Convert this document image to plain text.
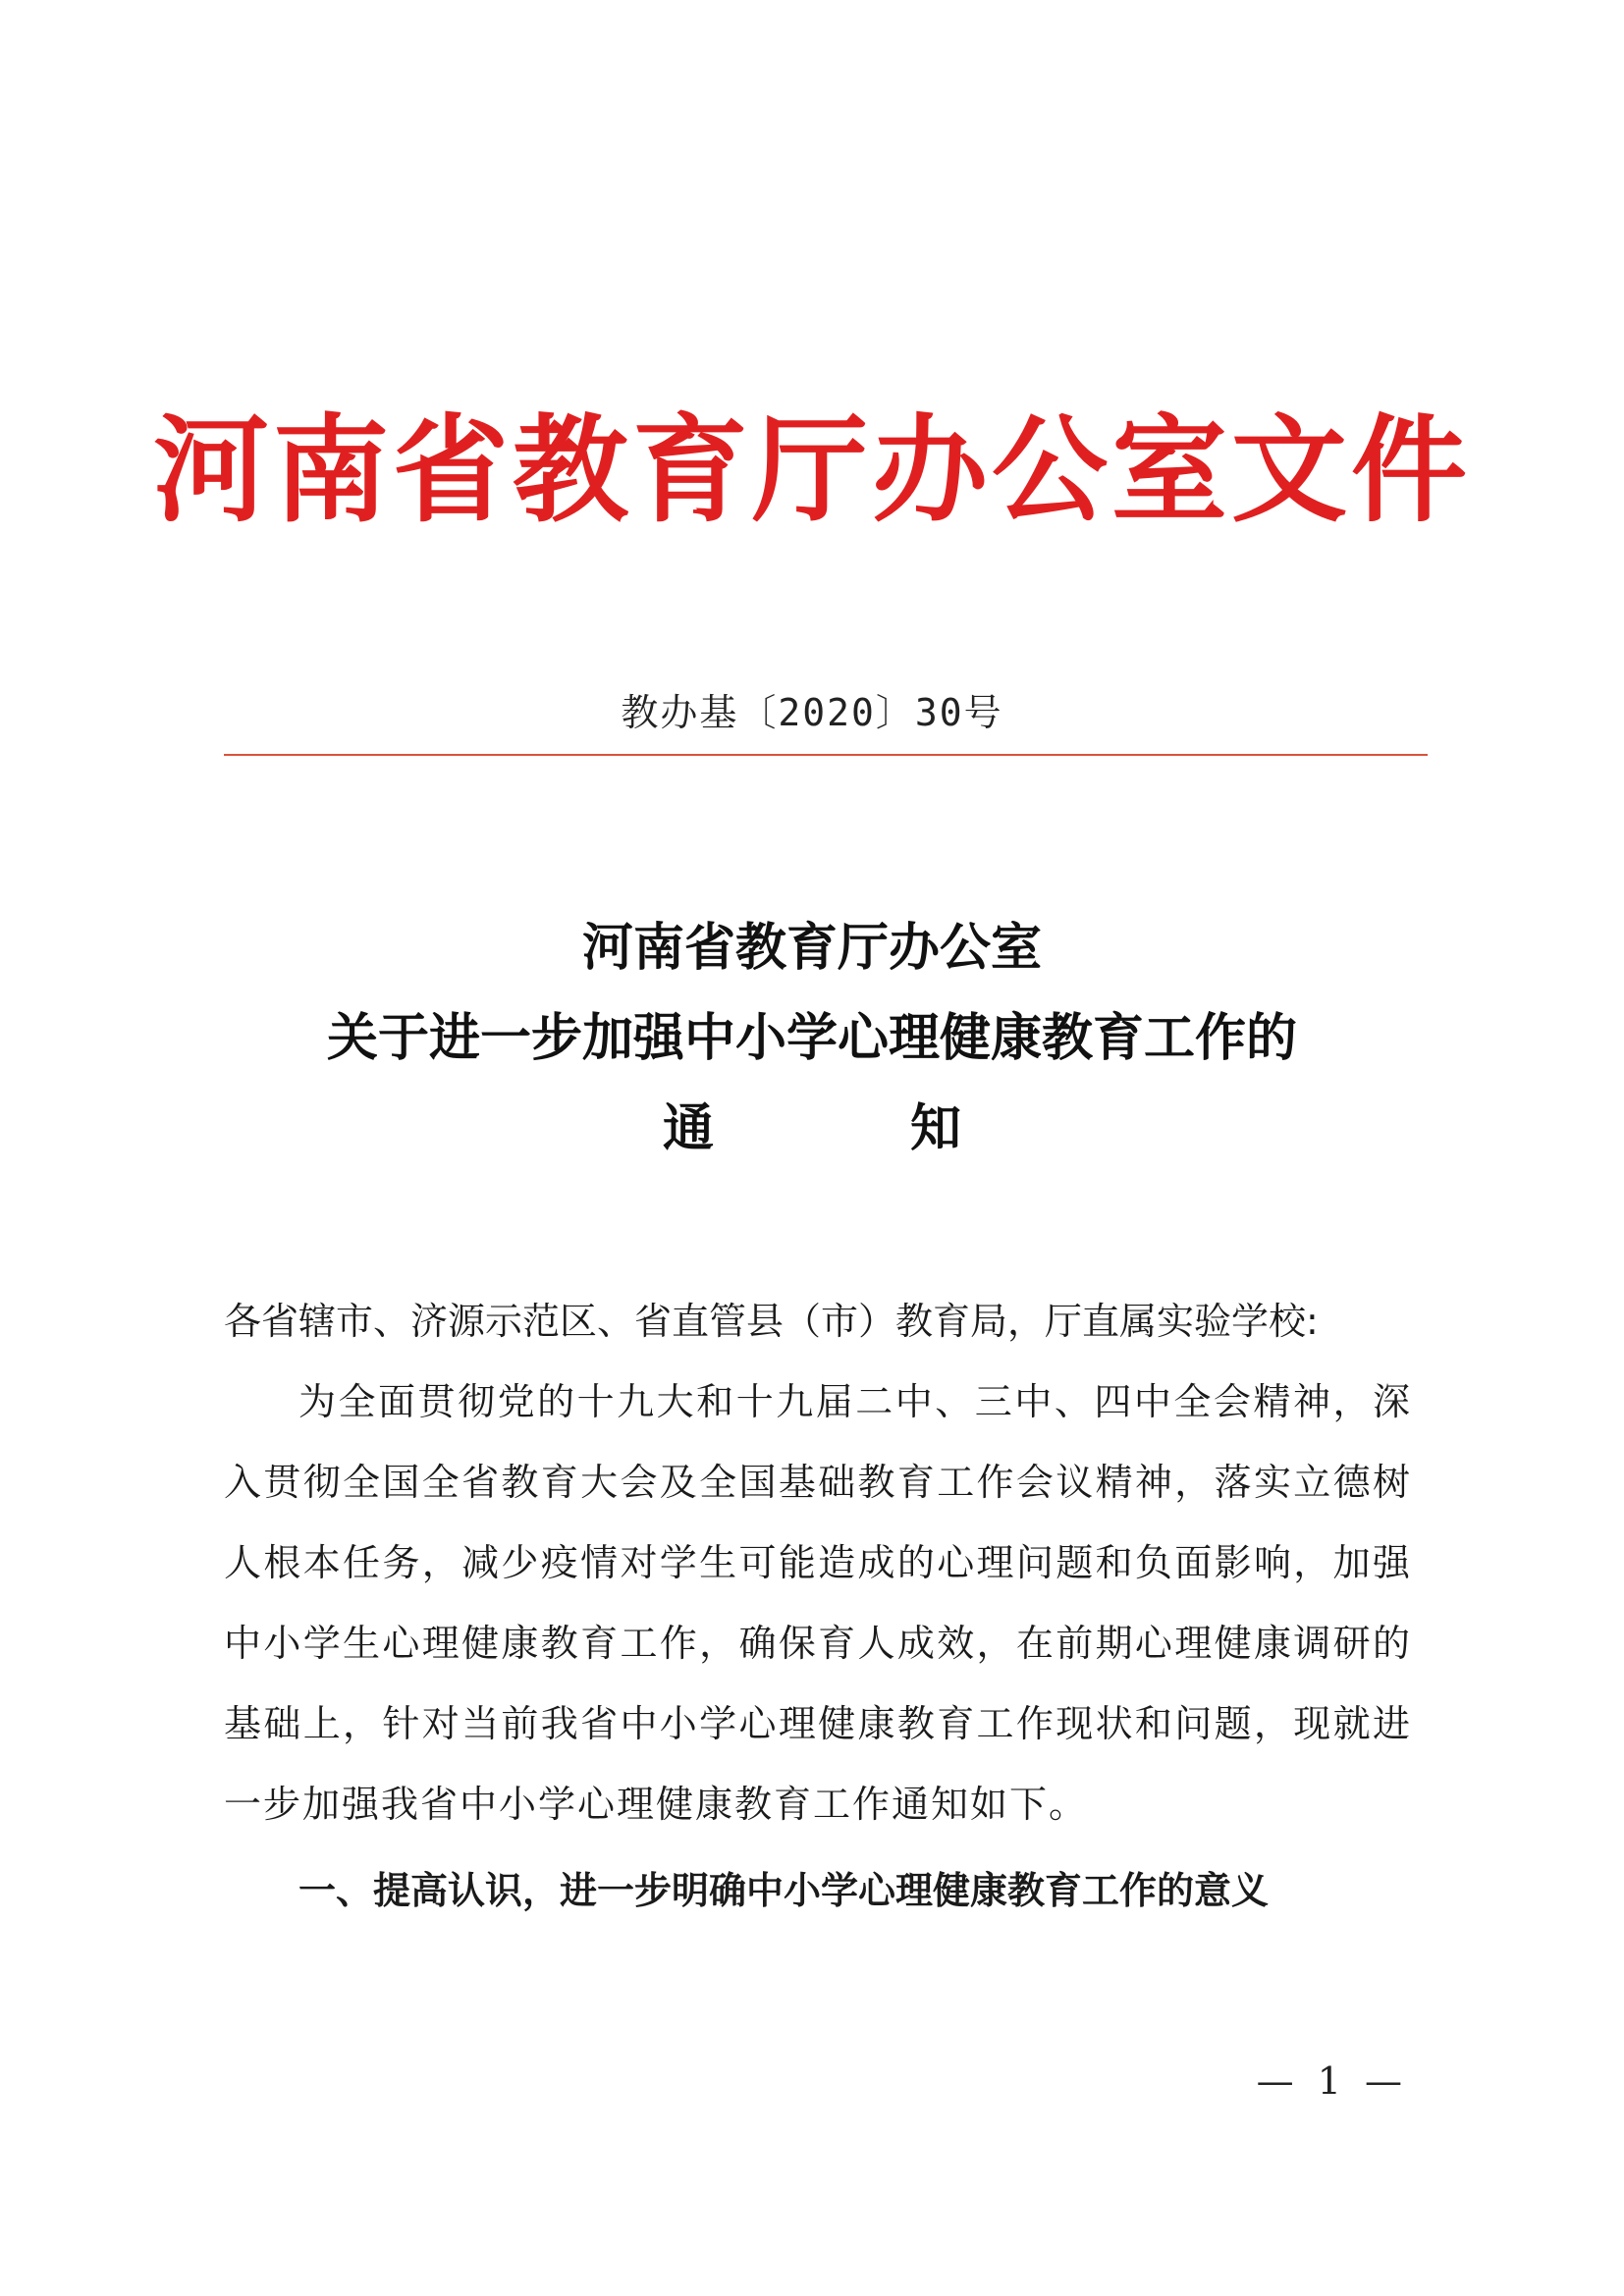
河南省教育厅办公室文件
教办基〔2020〕30号
河南省教育厅办公室
关于进一步加强中小学心理健康教育工作的
通知

各省辖市、济源示范区、省直管县（市）教育局，厅直属实验学校:

为全面贯彻党的十九大和十九届二中、三中、四中全会精神，深入贯彻全国全省教育大会及全国基础教育工作会议精神，落实立德树人根本任务，减少疫情对学生可能造成的心理问题和负面影响，加强中小学生心理健康教育工作，确保育人成效，在前期心理健康调研的基础上，针对当前我省中小学心理健康教育工作现状和问题，现就进一步加强我省中小学心理健康教育工作通知如下。

一、提高认识，进一步明确中小学心理健康教育工作的意义

— 1 —
